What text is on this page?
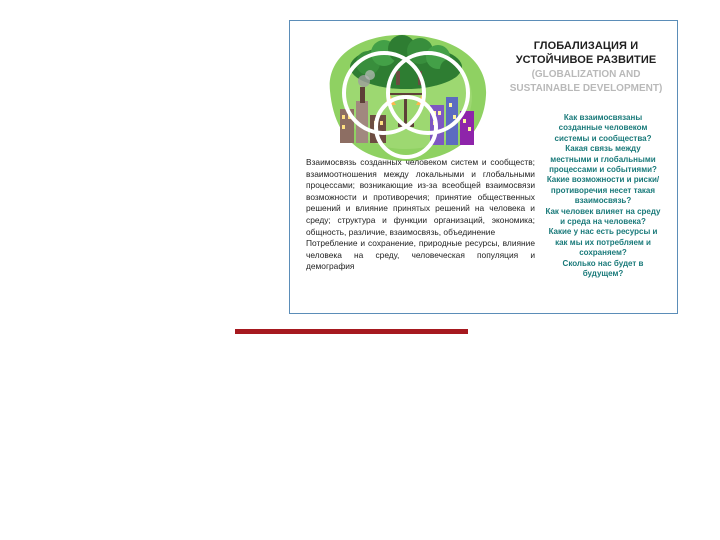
ГЛОБАЛИЗАЦИЯ И
УСТОЙЧИВОЕ РАЗВИТИЕ
(GLOBALIZATION AND
SUSTAINABLE DEVELOPMENT)
Как взаимосвязаны
созданные человеком
системы и сообщества?
Какая связь между
местными и глобальными
процессами и событиями?
Какие возможности и риски/
противоречия несет такая
взаимосвязь?
Как человек влияет на среду
и среда на человека?
Какие у нас есть ресурсы и
как мы их потребляем и
сохраняем?
Сколько нас будет в
будущем?

Взаимосвязь созданных человеком систем и сообществ; взаимоотношения между локальными и глобальными процессами; возникающие из-за всеобщей взаимосвязи возможности и противоречия; принятие общественных решений и влияние принятых решений на человека и среду; структура и функции организаций, экономика; общность, различие, взаимосвязь, объединение

Потребление и сохранение, природные ресурсы, влияние человека на среду, человеческая популяция и демография
